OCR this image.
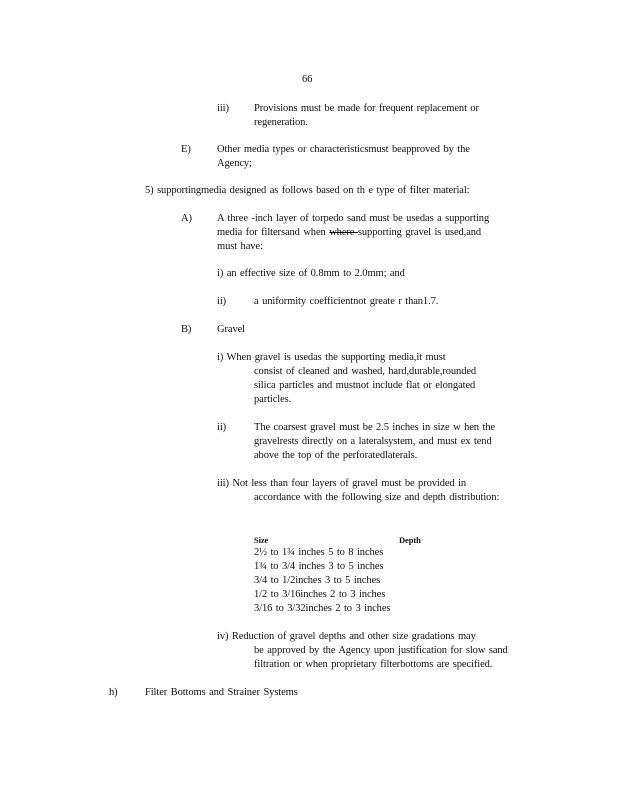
66
iii) Provisions must be made for frequent replacement or
regeneration.
E)	Other media types or characteristicsmust beapproved by the
Agency;
5) supportingmedia designed as follows based on th e type of filter material:
A) A three -inch layer of torpedo sand must be usedas a supporting
media for filtersand when where supporting gravel is used,and
must have:
i) an effective size of 0.8mm to 2.0mm; and
ii)	a uniformity coefficientnot greate r than1.7.
B) Gravel
i) When gravel is usedas the supporting media,it must
consist of cleaned and washed, hard,durable,rounded
silica particles and mustnot include flat or elongated
particles.
ii)	The coarsest gravel must be 2.5 inches in size w hen the
gravelrests directly on a lateralsystem, and must ex tend
above the top of the perforatedlaterals.
iii) Not less than four layers of gravel must be provided in
accordance with the following size and depth distribution:
Size	Depth
2½ to 1¾ inches 5 to 8 inches
1¾ to 3/4 inches 3 to 5 inches
3/4 to 1/2inches 3 to 5 inches
1/2 to 3/16inches 2 to 3 inches
3/16 to 3/32inches 2 to 3 inches
iv) Reduction of gravel depths and other size gradations may
be approved by the Agency upon justification for slow sand
filtration or when proprietary filterbottoms are specified.
h)	Filter Bottoms and Strainer Systems
